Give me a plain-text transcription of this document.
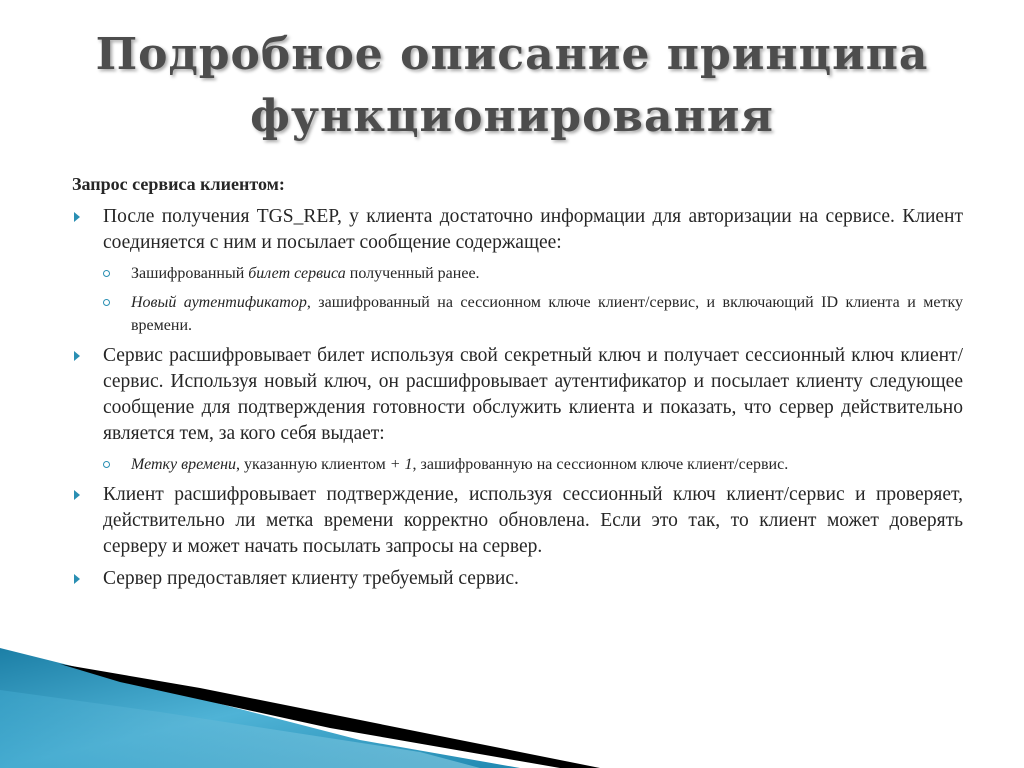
Подробное описание принципа
функционирования
Запрос сервиса клиентом:
После получения TGS_REP, у клиента достаточно информации для авторизации на сервисе. Клиент соединяется с ним и посылает сообщение содержащее:
Зашифрованный билет сервиса полученный ранее.
Новый аутентификатор, зашифрованный на сессионном ключе клиент/сервис, и включающий ID клиента и метку времени.
Сервис расшифровывает билет используя свой секретный ключ и получает сессионный ключ клиент/сервис. Используя новый ключ, он расшифровывает аутентификатор и посылает клиенту следующее сообщение для подтверждения готовности обслужить клиента и показать, что сервер действительно является тем, за кого себя выдает:
Метку времени, указанную клиентом + 1, зашифрованную на сессионном ключе клиент/сервис.
Клиент расшифровывает подтверждение, используя сессионный ключ клиент/сервис и проверяет, действительно ли метка времени корректно обновлена. Если это так, то клиент может доверять серверу и может начать посылать запросы на сервер.
Сервер предоставляет клиенту требуемый сервис.
